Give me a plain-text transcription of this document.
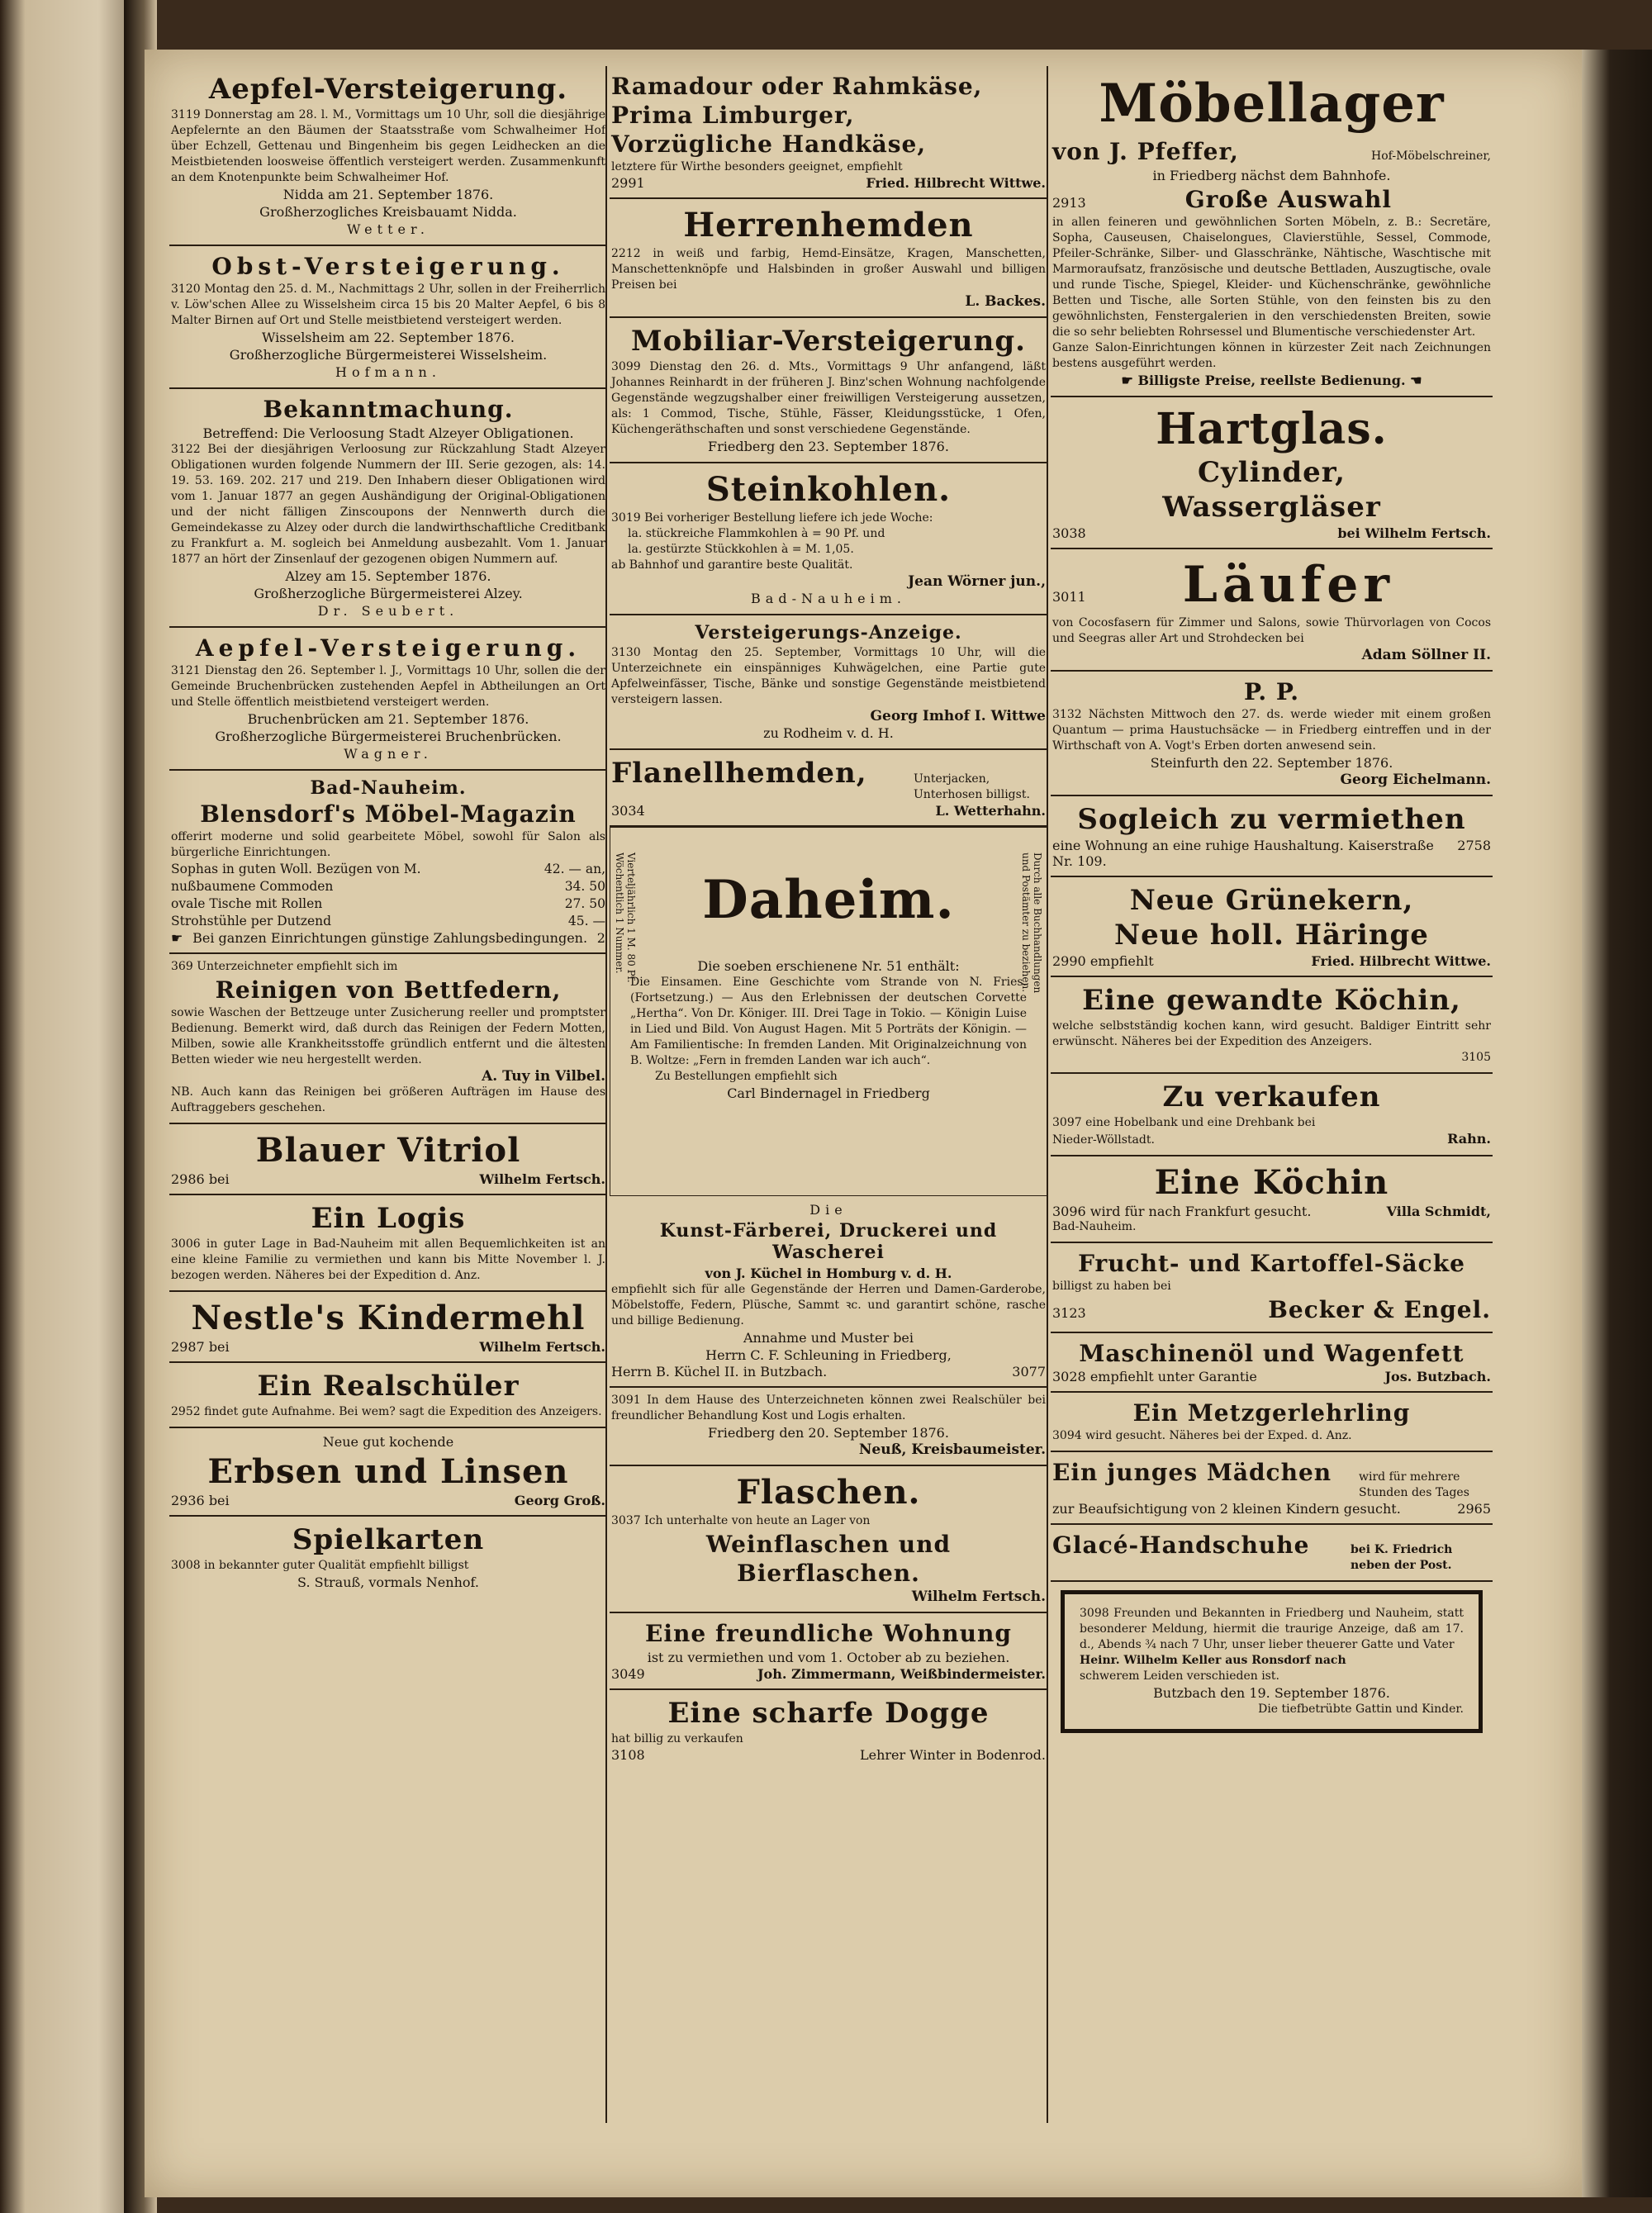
Aepfel-Versteigerung.
3119 Donnerstag am 28. l. M., Vormittags um 10 Uhr, soll die diesjährige Aepfelernte an den Bäumen der Staatsstraße vom Schwalheimer Hof über Echzell, Gettenau und Bingenheim bis gegen Leidhecken an die Meistbietenden loosweise öffentlich versteigert werden. Zusammenkunft an dem Knotenpunkte beim Schwalheimer Hof.
Nidda am 21. September 1876.
Großherzogliches Kreisbauamt Nidda.
Wetter.
Obst-Versteigerung.
3120 Montag den 25. d. M., Nachmittags 2 Uhr, sollen in der Freiherrlich v. Löw'schen Allee zu Wisselsheim circa 15 bis 20 Malter Aepfel, 6 bis 8 Malter Birnen auf Ort und Stelle meistbietend versteigert werden.
Wisselsheim am 22. September 1876.
Großherzogliche Bürgermeisterei Wisselsheim.
Hofmann.
Bekanntmachung.
Betreffend: Die Verloosung Stadt Alzeyer Obligationen.
3122 Bei der diesjährigen Verloosung zur Rückzahlung Stadt Alzeyer Obligationen wurden folgende Nummern der III. Serie gezogen, als: 14. 19. 53. 169. 202. 217 und 219. Den Inhabern dieser Obligationen wird vom 1. Januar 1877 an gegen Aushändigung der Original-Obligationen und der nicht fälligen Zinscoupons der Nennwerth durch die Gemeindekasse zu Alzey oder durch die landwirthschaftliche Creditbank zu Frankfurt a. M. sogleich bei Anmeldung ausbezahlt. Vom 1. Januar 1877 an hört der Zinsenlauf der gezogenen obigen Nummern auf.
Alzey am 15. September 1876.
Großherzogliche Bürgermeisterei Alzey.
Dr. Seubert.
Aepfel-Versteigerung.
3121 Dienstag den 26. September l. J., Vormittags 10 Uhr, sollen die der Gemeinde Bruchenbrücken zustehenden Aepfel in Abtheilungen an Ort und Stelle öffentlich meistbietend versteigert werden.
Bruchenbrücken am 21. September 1876.
Großherzogliche Bürgermeisterei Bruchenbrücken.
Wagner.
Bad-Nauheim.
Blensdorf's Möbel-Magazin
offerirt moderne und solid gearbeitete Möbel, sowohl für Salon als bürgerliche Einrichtungen.
Sophas in guten Woll. Bezügen von M.	42. — an,
nußbaumene Commoden	34. 50
ovale Tische mit Rollen	27. 50
Strohstühle per Dutzend	45. —
☛ Bei ganzen Einrichtungen günstige Zahlungsbedingungen. 2
369 Unterzeichneter empfiehlt sich im
Reinigen von Bettfedern,
sowie Waschen der Bettzeuge unter Zusicherung reeller und promptster Bedienung. Bemerkt wird, daß durch das Reinigen der Federn Motten, Milben, sowie alle Krankheitsstoffe gründlich entfernt und die ältesten Betten wieder wie neu hergestellt werden.
A. Tuy in Vilbel.
NB. Auch kann das Reinigen bei größeren Aufträgen im Hause des Auftraggebers geschehen.
Blauer Vitriol
2986 bei	Wilhelm Fertsch.
Ein Logis
3006 in guter Lage in Bad-Nauheim mit allen Bequemlichkeiten ist an eine kleine Familie zu vermiethen und kann bis Mitte November l. J. bezogen werden. Näheres bei der Expedition d. Anz.
Nestle's Kindermehl
2987 bei	Wilhelm Fertsch.
Ein Realschüler
2952 findet gute Aufnahme. Bei wem? sagt die Expedition des Anzeigers.
Neue gut kochende
Erbsen und Linsen
2936 bei	Georg Groß.
Spielkarten
3008 in bekannter guter Qualität empfiehlt billigst
S. Strauß, vormals Nenhof.
Ramadour oder Rahmkäse,
Prima Limburger,
Vorzügliche Handkäse,
letztere für Wirthe besonders geeignet, empfiehlt
2991	Fried. Hilbrecht Wittwe.
Herrenhemden
2212 in weiß und farbig, Hemd-Einsätze, Kragen, Manschetten, Manschettenknöpfe und Halsbinden in großer Auswahl und billigen Preisen bei
L. Backes.
Mobiliar-Versteigerung.
3099 Dienstag den 26. d. Mts., Vormittags 9 Uhr anfangend, läßt Johannes Reinhardt in der früheren J. Binz'schen Wohnung nachfolgende Gegenstände wegzugshalber einer freiwilligen Versteigerung aussetzen, als: 1 Commod, Tische, Stühle, Fässer, Kleidungsstücke, 1 Ofen, Küchengeräthschaften und sonst verschiedene Gegenstände.
Friedberg den 23. September 1876.
Steinkohlen.
3019 Bei vorheriger Bestellung liefere ich jede Woche:
la. stückreiche Flammkohlen à = 90 Pf. und
la. gestürzte Stückkohlen à = M. 1,05.
ab Bahnhof und garantire beste Qualität.
Jean Wörner jun.,
Bad-Nauheim.
Versteigerungs-Anzeige.
3130 Montag den 25. September, Vormittags 10 Uhr, will die Unterzeichnete ein einspänniges Kuhwägelchen, eine Partie gute Apfelweinfässer, Tische, Bänke und sonstige Gegenstände meistbietend versteigern lassen.
Georg Imhof I. Wittwe
zu Rodheim v. d. H.
Flanellhemden,	Unterjacken, Unterhosen billigst.
3034	L. Wetterhahn.
Vierteljährlich 1 M. 80 Pf. Wöchentlich 1 Nummer.	Durch alle Buchhandlungen und Postämter zu beziehen.
Daheim.
Die soeben erschienene Nr. 51 enthält:
Die Einsamen. Eine Geschichte vom Strande von N. Fries. (Fortsetzung.) — Aus den Erlebnissen der deutschen Corvette „Hertha“. Von Dr. Königer. III. Drei Tage in Tokio. — Königin Luise in Lied und Bild. Von August Hagen. Mit 5 Porträts der Königin. — Am Familientische: In fremden Landen. Mit Originalzeichnung von B. Woltze: „Fern in fremden Landen war ich auch“.
Zu Bestellungen empfiehlt sich
Carl Bindernagel in Friedberg
Die
Kunst-Färberei, Druckerei und Wascherei
von J. Küchel in Homburg v. d. H.
empfiehlt sich für alle Gegenstände der Herren und Damen-Garderobe, Möbelstoffe, Federn, Plüsche, Sammt ꝛc. und garantirt schöne, rasche und billige Bedienung.
Annahme und Muster bei
Herrn C. F. Schleuning in Friedberg,
Herrn B. Küchel II. in Butzbach.	3077
3091 In dem Hause des Unterzeichneten können zwei Realschüler bei freundlicher Behandlung Kost und Logis erhalten.
Friedberg den 20. September 1876.
Neuß, Kreisbaumeister.
Flaschen.
3037 Ich unterhalte von heute an Lager von
Weinflaschen und
Bierflaschen.
Wilhelm Fertsch.
Eine freundliche Wohnung
ist zu vermiethen und vom 1. October ab zu beziehen.
3049	Joh. Zimmermann, Weißbindermeister.
Eine scharfe Dogge
hat billig zu verkaufen
3108	Lehrer Winter in Bodenrod.
Möbellager
von J. Pfeffer,	Hof-Möbelschreiner,
in Friedberg nächst dem Bahnhofe.
2913	Große Auswahl
in allen feineren und gewöhnlichen Sorten Möbeln, z. B.: Secretäre, Sopha, Causeusen, Chaiselongues, Clavierstühle, Sessel, Commode, Pfeiler-Schränke, Silber- und Glasschränke, Nähtische, Waschtische mit Marmoraufsatz, französische und deutsche Bettladen, Auszugtische, ovale und runde Tische, Spiegel, Kleider- und Küchenschränke, gewöhnliche Betten und Tische, alle Sorten Stühle, von den feinsten bis zu den gewöhnlichsten, Fenstergalerien in den verschiedensten Breiten, sowie die so sehr beliebten Rohrsessel und Blumentische verschiedenster Art.
Ganze Salon-Einrichtungen können in kürzester Zeit nach Zeichnungen bestens ausgeführt werden.
☛ Billigste Preise, reellste Bedienung. ☚
Hartglas.
Cylinder,
Wassergläser
3038	bei Wilhelm Fertsch.
3011 Läufer
von Cocosfasern für Zimmer und Salons, sowie Thürvorlagen von Cocos und Seegras aller Art und Strohdecken bei
Adam Söllner II.
P. P.
3132 Nächsten Mittwoch den 27. ds. werde wieder mit einem großen Quantum — prima Haustuchsäcke — in Friedberg eintreffen und in der Wirthschaft von A. Vogt's Erben dorten anwesend sein.
Steinfurth den 22. September 1876.
Georg Eichelmann.
Sogleich zu vermiethen
eine Wohnung an eine ruhige Haushaltung. Kaiserstraße Nr. 109.
2758
Neue Grünekern,
Neue holl. Häringe
2990 empfiehlt	Fried. Hilbrecht Wittwe.
Eine gewandte Köchin,
welche selbstständig kochen kann, wird gesucht. Baldiger Eintritt sehr erwünscht. Näheres bei der Expedition des Anzeigers.
3105
Zu verkaufen
3097 eine Hobelbank und eine Drehbank bei
Nieder-Wöllstadt.	Rahn.
Eine Köchin
3096 wird für nach Frankfurt gesucht.	Villa Schmidt,
Bad-Nauheim.
Frucht- und Kartoffel-Säcke
billigst zu haben bei
3123	Becker & Engel.
Maschinenöl und Wagenfett
3028 empfiehlt unter Garantie	Jos. Butzbach.
Ein Metzgerlehrling
3094 wird gesucht. Näheres bei der Exped. d. Anz.
Ein junges Mädchen wird für mehrere Stunden des Tages
zur Beaufsichtigung von 2 kleinen Kindern gesucht.	2965
Glacé-Handschuhe	bei K. Friedrich neben der Post.
3098 Freunden und Bekannten in Friedberg und Nauheim, statt besonderer Meldung, hiermit die traurige Anzeige, daß am 17. d., Abends ¾ nach 7 Uhr, unser lieber theuerer Gatte und Vater
Heinr. Wilhelm Keller aus Ronsdorf nach
schwerem Leiden verschieden ist.
Butzbach den 19. September 1876.
Die tiefbetrübte Gattin und Kinder.
